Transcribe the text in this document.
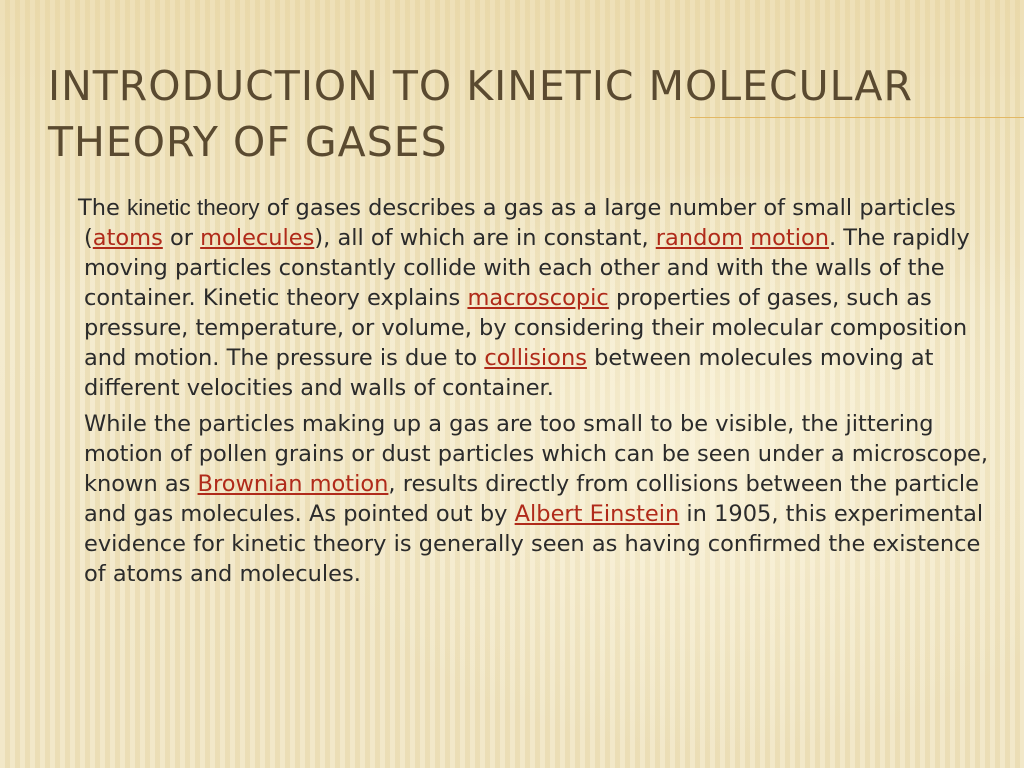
INTRODUCTION TO KINETIC MOLECULAR THEORY OF GASES

The kinetic theory of gases describes a gas as a large number of small particles (atoms or molecules), all of which are in constant, random motion. The rapidly moving particles constantly collide with each other and with the walls of the container. Kinetic theory explains macroscopic properties of gases, such as pressure, temperature, or volume, by considering their molecular composition and motion. The pressure is due to collisions between molecules moving at different velocities and walls of container.

While the particles making up a gas are too small to be visible, the jittering motion of pollen grains or dust particles which can be seen under a microscope, known as Brownian motion, results directly from collisions between the particle and gas molecules. As pointed out by Albert Einstein in 1905, this experimental evidence for kinetic theory is generally seen as having confirmed the existence of atoms and molecules.
